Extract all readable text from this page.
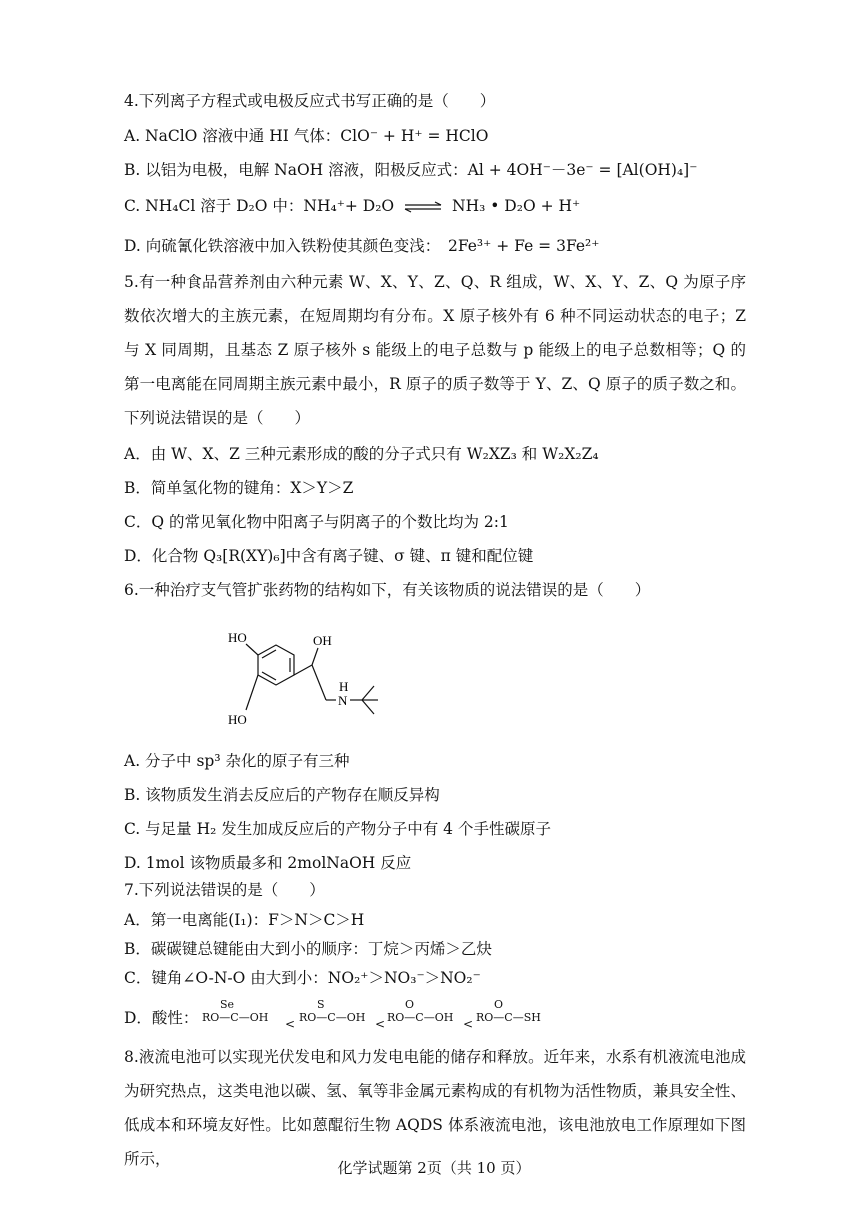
4.下列离子方程式或电极反应式书写正确的是（　　）
A. NaClO 溶液中通 HI 气体：ClO⁻ + H⁺ = HClO
B. 以铝为电极，电解 NaOH 溶液，阳极反应式：Al + 4OH⁻－3e⁻ = [Al(OH)₄]⁻
C. NH₄Cl 溶于 D₂O 中：NH₄⁺+ D₂O ⇌ NH₃ • D₂O + H⁺
D. 向硫氰化铁溶液中加入铁粉使其颜色变浅：　2Fe³⁺ + Fe = 3Fe²⁺
5.有一种食品营养剂由六种元素 W、X、Y、Z、Q、R 组成，W、X、Y、Z、Q 为原子序数依次增大的主族元素，在短周期均有分布。X 原子核外有 6 种不同运动状态的电子；Z 与 X 同周期，且基态 Z 原子核外 s 能级上的电子总数与 p 能级上的电子总数相等；Q 的第一电离能在同周期主族元素中最小，R 原子的质子数等于 Y、Z、Q 原子的质子数之和。下列说法错误的是（　　）
A．由 W、X、Z 三种元素形成的酸的分子式只有 W₂XZ₃ 和 W₂X₂Z₄
B．简单氢化物的键角：X＞Y＞Z
C．Q 的常见氧化物中阳离子与阴离子的个数比均为 2:1
D．化合物 Q₃[R(XY)₆]中含有离子键、σ 键、π 键和配位键
6.一种治疗支气管扩张药物的结构如下，有关该物质的说法错误的是（　　）
HO	OH
H
N
HO
A. 分子中 sp³ 杂化的原子有三种
B. 该物质发生消去反应后的产物存在顺反异构
C. 与足量 H₂ 发生加成反应后的产物分子中有 4 个手性碳原子
D. 1mol 该物质最多和 2molNaOH 反应
7.下列说法错误的是（　　）
A．第一电离能(I₁)：F＞N＞C＞H
B．碳碳键总键能由大到小的顺序：丁烷＞丙烯＞乙炔
C．键角∠O-N-O 由大到小：NO₂⁺＞NO₃⁻＞NO₂⁻
D．酸性：
Se
RO—C—OH	<
S
RO—C—OH <
O
RO—C—OH <
O
RO—C—SH
8.液流电池可以实现光伏发电和风力发电电能的储存和释放。近年来，水系有机液流电池成为研究热点，这类电池以碳、氢、氧等非金属元素构成的有机物为活性物质，兼具安全性、低成本和环境友好性。比如蒽醌衍生物 AQDS 体系液流电池，该电池放电工作原理如下图所示，	化学试题第 2页（共 10 页）
